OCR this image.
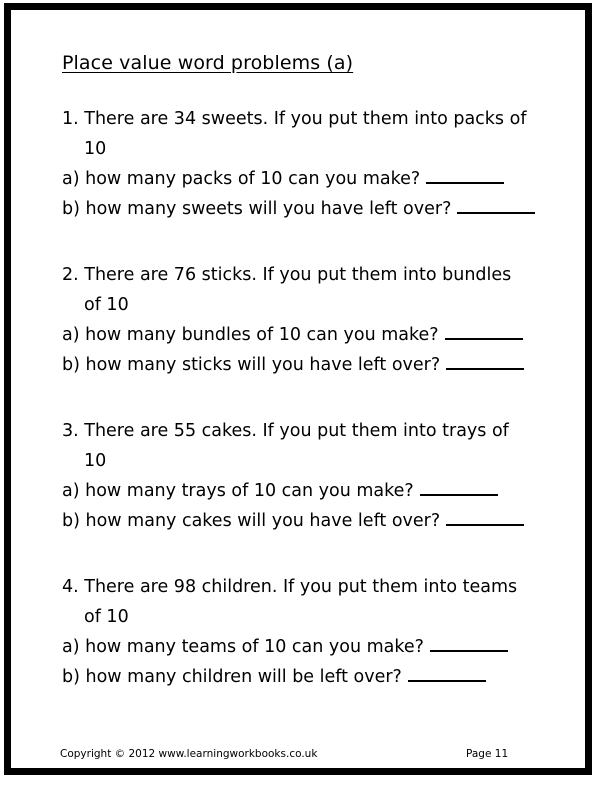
Place value word problems (a)
1. There are 34 sweets. If you put them into packs of
10
a) how many packs of 10 can you make?
b) how many sweets will you have left over?
2. There are 76 sticks. If you put them into bundles
of 10
a) how many bundles of 10 can you make?
b) how many sticks will you have left over?
3. There are 55 cakes. If you put them into trays of
10
a) how many trays of 10 can you make?
b) how many cakes will you have left over?
4. There are 98 children. If you put them into teams
of 10
a) how many teams of 10 can you make?
b) how many children will be left over?
Copyright © 2012 www.learningworkbooks.co.uk	Page 11
